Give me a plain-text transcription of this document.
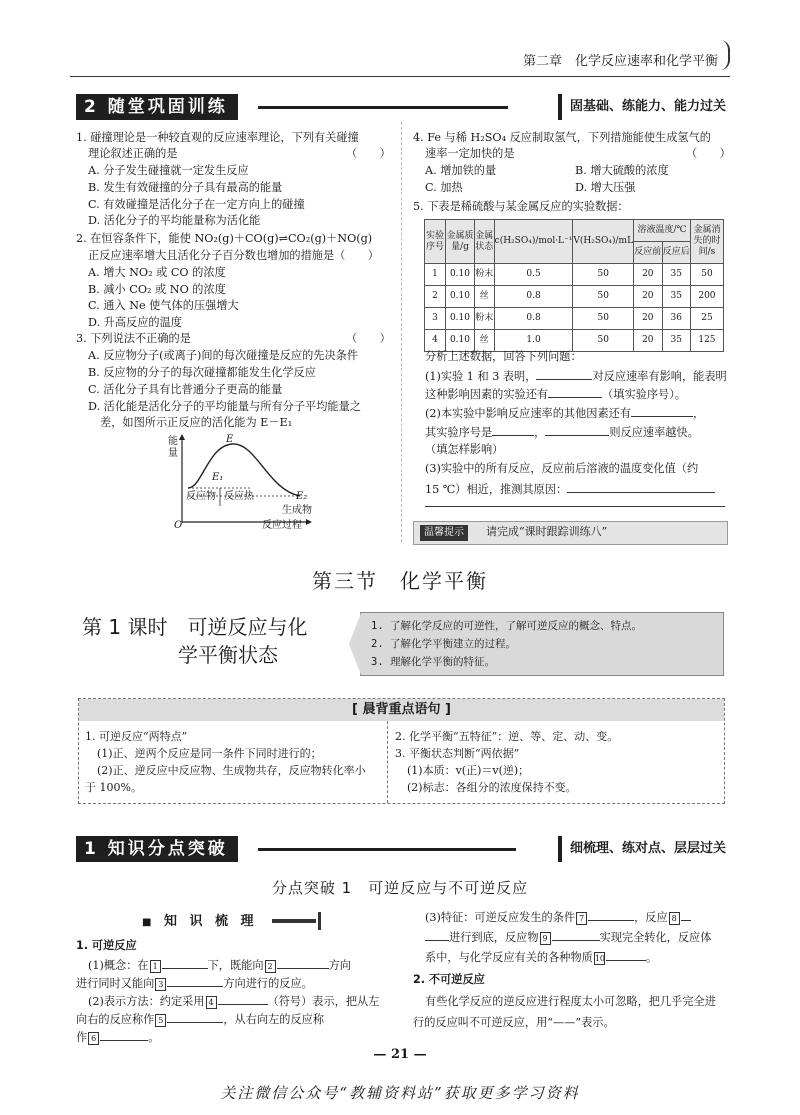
第二章　化学反应速率和化学平衡
2 随堂巩固训练	固基础、练能力、能力过关
1. 碰撞理论是一种较直观的反应速率理论，下列有关碰撞
理论叙述正确的是	（　　）
A. 分子发生碰撞就一定发生反应
B. 发生有效碰撞的分子具有最高的能量
C. 有效碰撞是活化分子在一定方向上的碰撞
D. 活化分子的平均能量称为活化能
2. 在恒容条件下，能使 NO₂(g)＋CO(g)⇌CO₂(g)＋NO(g)
正反应速率增大且活化分子百分数也增加的措施是（　　）
A. 增大 NO₂ 或 CO 的浓度
B. 减小 CO₂ 或 NO 的浓度
C. 通入 Ne 使气体的压强增大
D. 升高反应的温度
3. 下列说法不正确的是	（　　）
A. 反应物分子(或离子)间的每次碰撞是反应的先决条件
B. 反应物的分子的每次碰撞都能发生化学反应
C. 活化分子具有比普通分子更高的能量
D. 活化能是活化分子的平均能量与所有分子平均能量之
差，如图所示正反应的活化能为 E－E₁
能量
E
E₁
E₂
反应物 反应热
生成物
O	反应过程
4. Fe 与稀 H₂SO₄ 反应制取氢气，下列措施能使生成氢气的
速率一定加快的是	（　　）
A. 增加铁的量	B. 增大硫酸的浓度
C. 加热	D. 增大压强
5. 下表是稀硫酸与某金属反应的实验数据：
实验序号	金属质量/g	金属状态	c(H₂SO₄)/mol·L⁻¹	V(H₂SO₄)/mL	溶液温度/℃		金属消失的时间/s
					反应前	反应后	
1	0.10	粉末	0.5	50	20	35	50
2	0.10	丝	0.8	50	20	35	200
3	0.10	粉末	0.8	50	20	36	25
4	0.10	丝	1.0	50	20	35	125
分析上述数据，回答下列问题：
(1)实验 1 和 3 表明，	对反应速率有影响，能表明
这种影响因素的实验还有	（填实验序号）。
(2)本实验中影响反应速率的其他因素还有	，
其实验序号是	，	则反应速率越快。
（填怎样影响）
(3)实验中的所有反应，反应前后溶液的温度变化值（约
15 ℃）相近，推测其原因：
温馨提示	请完成“课时跟踪训练八”
第三节　化学平衡
第 1 课时　可逆反应与化
学平衡状态
1. 了解化学反应的可逆性，了解可逆反应的概念、特点。
2. 了解化学平衡建立的过程。
3. 理解化学平衡的特征。
[ 晨背重点语句 ]
1. 可逆反应“两特点”
(1)正、逆两个反应是同一条件下同时进行的；
(2)正、逆反应中反应物、生成物共存，反应物转化率小
于 100%。
2. 化学平衡“五特征”：逆、等、定、动、变。
3. 平衡状态判断“两依据”
(1)本质：v(正)＝v(逆)；
(2)标志：各组分的浓度保持不变。
1 知识分点突破	细梳理、练对点、层层过关
分点突破 1　可逆反应与不可逆反应
■ 知 识 梳 理
1. 可逆反应
(1)概念：在 1	下，既能向 2	方向
进行同时又能向 3	方向进行的反应。
(2)表示方法：约定采用 4	（符号）表示，把从左
向右的反应称作 5	，从右向左的反应称
作 6	。
(3)特征：可逆反应发生的条件 7	，反应 8
进行到底，反应物 9	实现完全转化，反应体
系中，与化学反应有关的各种物质 10	。
2. 不可逆反应
有些化学反应的逆反应进行程度太小可忽略，把几乎完全进
行的反应叫不可逆反应，用“——”表示。
— 21 —
关注微信公众号“教辅资料站”获取更多学习资料
